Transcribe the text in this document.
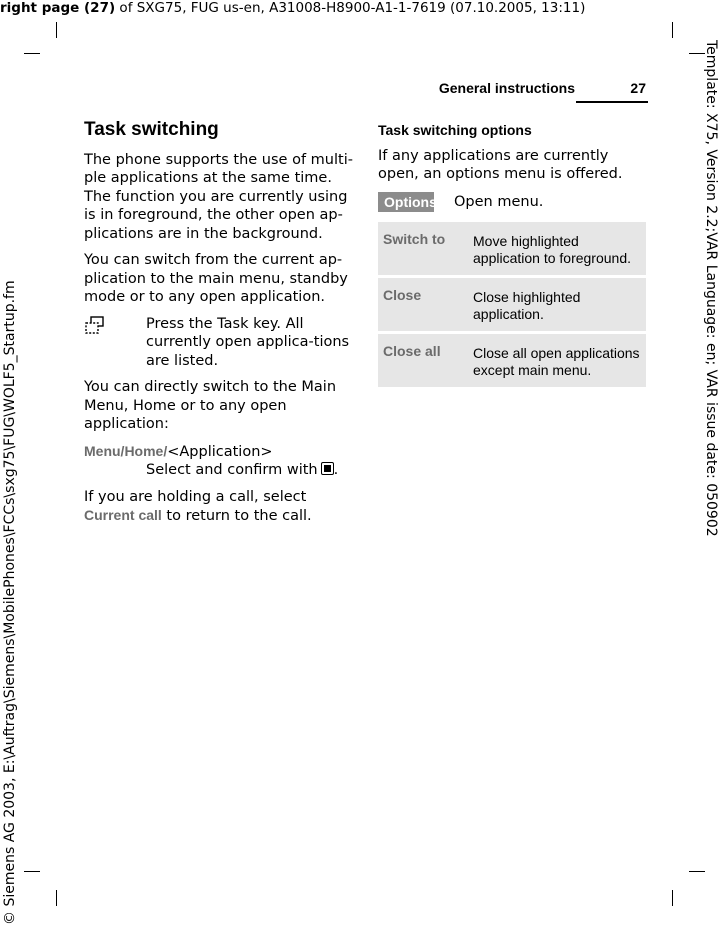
right page (27) of SXG75, FUG us-en, A31008-H8900-A1-1-7619 (07.10.2005, 13:11)
Template: X75, Version 2.2;VAR Language: en; VAR issue date: 050902
© Siemens AG 2003, E:\Auftrag\Siemens\MobilePhones\FCCs\sxg75\FUG\WOLF5_Startup.fm
General instructions	27
Task switching

The phone supports the use of multi-ple applications at the same time. The function you are currently using is in foreground, the other open ap-plications are in the background.

You can switch from the current ap-plication to the main menu, standby mode or to any open application.

Press the Task key. All currently open applica-tions are listed.

You can directly switch to the Main Menu, Home or to any open application:

Menu/Home/<Application>
Select and confirm with .

If you are holding a call, select Current call to return to the call.

Task switching options

If any applications are currently open, an options menu is offered.

Options Open menu.
Switch to	Move highlighted application to foreground.
Close	Close highlighted application.
Close all	Close all open applications except main menu.
